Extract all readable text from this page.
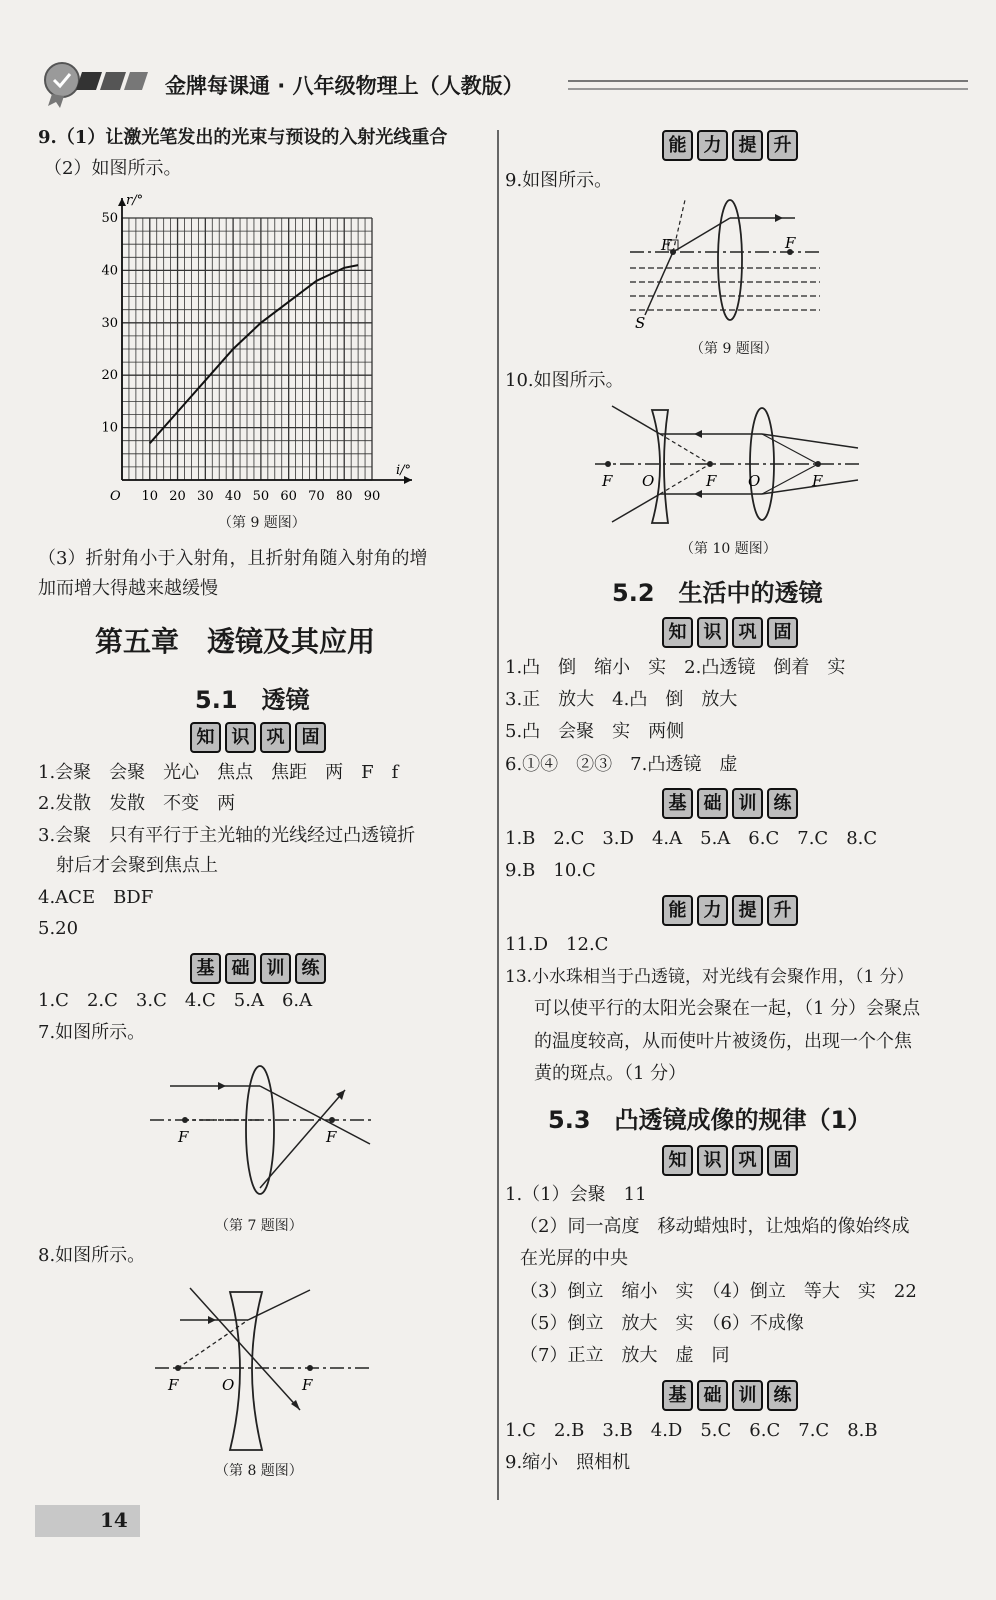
金牌每课通 · 八年级物理上（人教版）
9.（1）让激光笔发出的光束与预设的入射光线重合
（2）如图所示。
10 20 30 40 50 60 70 80 90
10
20
30
40
50
O
i/°
r/°
（第 9 题图）
（3）折射角小于入射角，且折射角随入射角的增
加而增大得越来越缓慢
第五章　透镜及其应用
5.1　透镜
知 识 巩 固
1.会聚　会聚　光心　焦点　焦距　两　F　f
2.发散　发散　不变　两
3.会聚　只有平行于主光轴的光线经过凸透镜折
射后才会聚到焦点上
4.ACE　BDF
5.20
基 础 训 练
1.C　2.C　3.C　4.C　5.A　6.A
7.如图所示。
F	F
（第 7 题图）
8.如图所示。
F	O	F
（第 8 题图）
14
能 力 提 升
9.如图所示。
F	F
S
（第 9 题图）
10.如图所示。
F O	F O	F
（第 10 题图）
5.2　生活中的透镜
知 识 巩 固
1.凸　倒　缩小　实　2.凸透镜　倒着　实
3.正　放大　4.凸　倒　放大
5.凸　会聚　实　两侧
6.①④　②③　7.凸透镜　虚
基 础 训 练
1.B　2.C　3.D　4.A　5.A　6.C　7.C　8.C
9.B　10.C
能 力 提 升
11.D　12.C
13.小水珠相当于凸透镜，对光线有会聚作用，（1 分）
可以使平行的太阳光会聚在一起，（1 分）会聚点
的温度较高，从而使叶片被烫伤，出现一个个焦
黄的斑点。（1 分）
5.3　凸透镜成像的规律（1）
知 识 巩 固
1.（1）会聚　11
（2）同一高度　移动蜡烛时，让烛焰的像始终成
在光屏的中央
（3）倒立　缩小　实　（4）倒立　等大　实　22
（5）倒立　放大　实　（6）不成像
（7）正立　放大　虚　同
基 础 训 练
1.C　2.B　3.B　4.D　5.C　6.C　7.C　8.B
9.缩小　照相机
